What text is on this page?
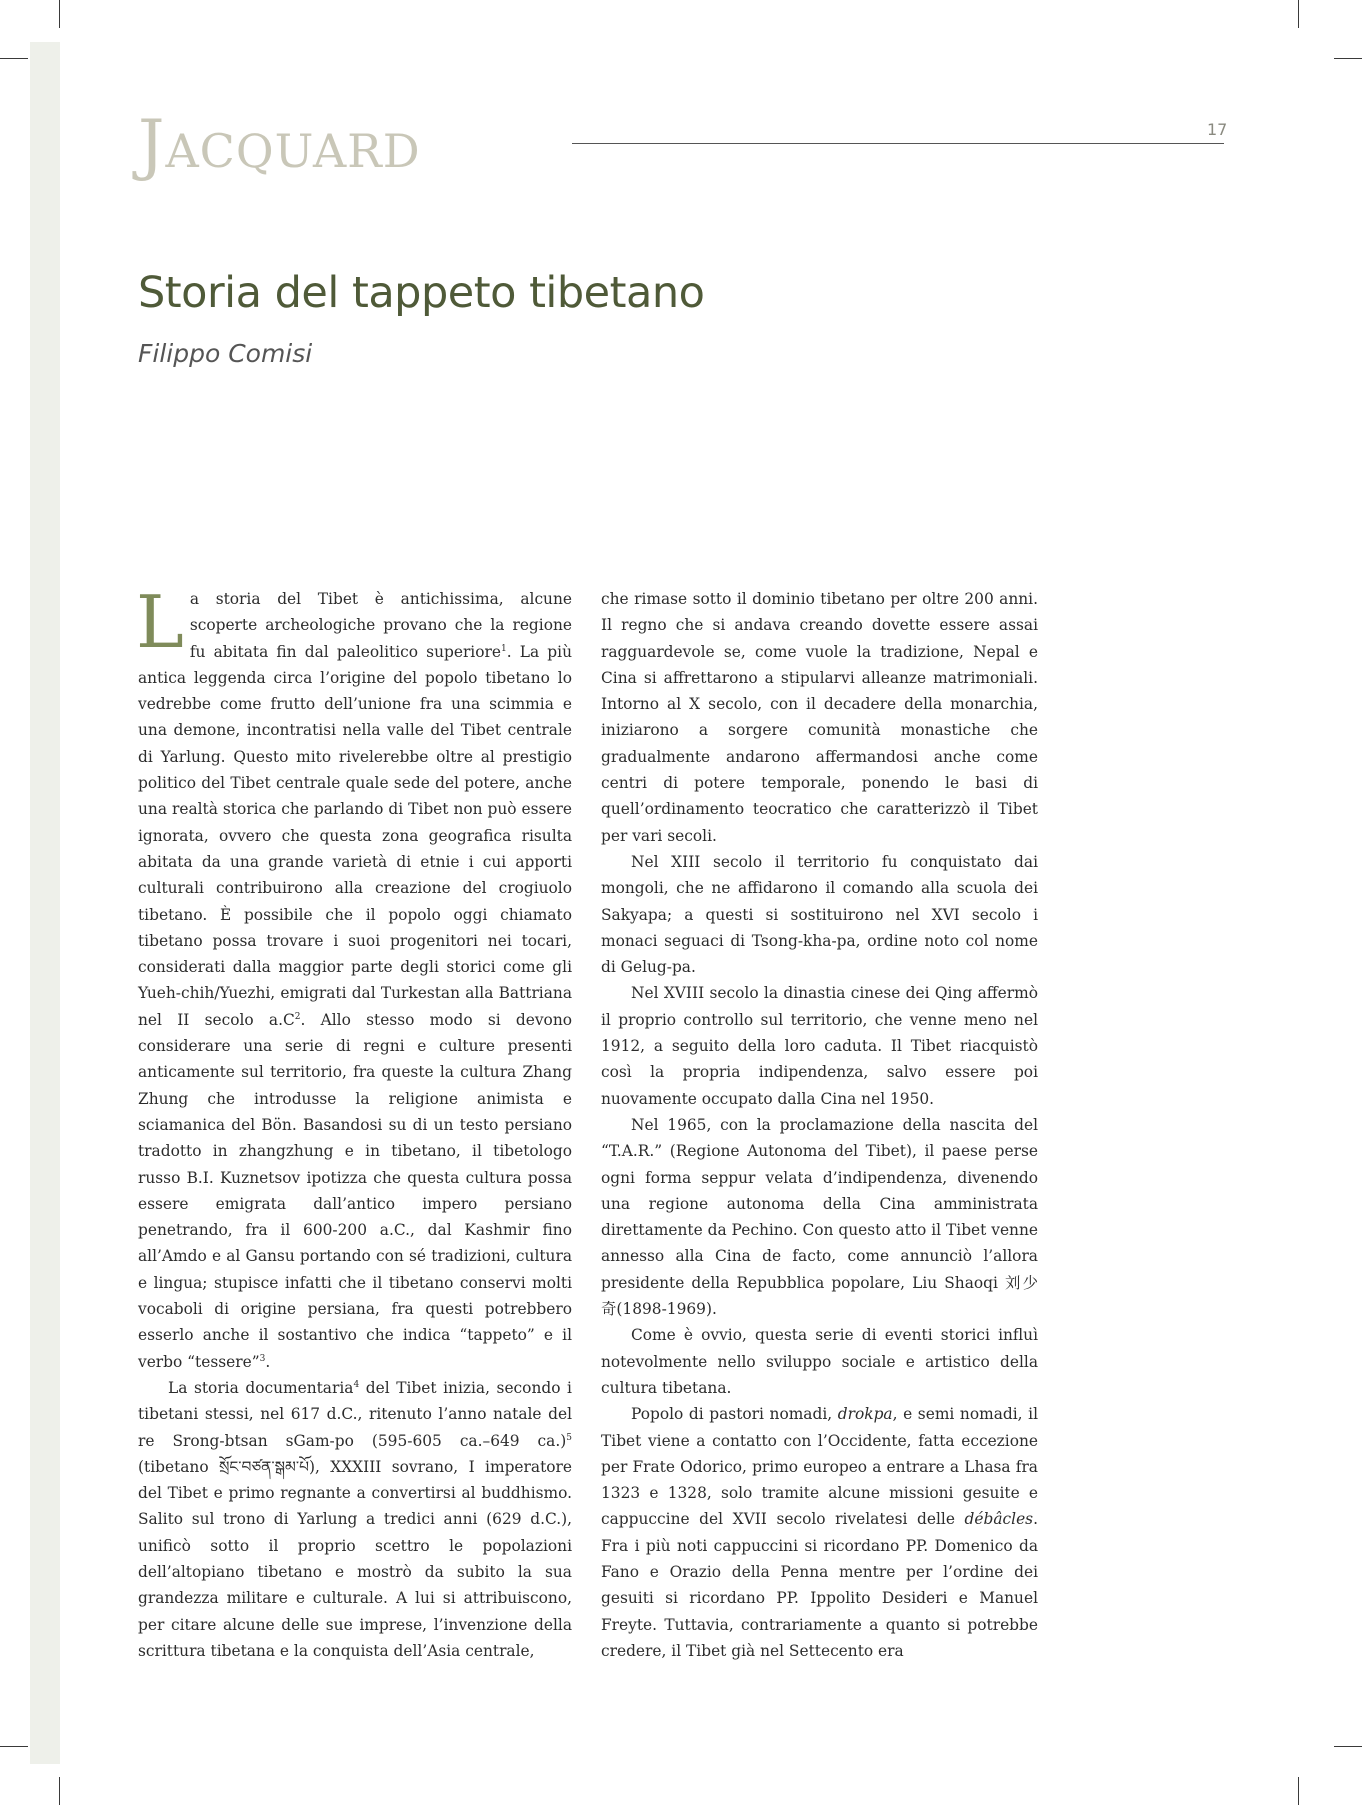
Jacquard	17
Storia del tappeto tibetano
Filippo Comisi

La storia del Tibet è antichissima, alcune scoperte archeologiche provano che la regione fu abitata fin dal paleolitico superiore$^1$. La più antica leggenda circa l’origine del popolo tibetano lo vedrebbe come frutto dell’unione fra una scimmia e una demone, incontratisi nella valle del Tibet centrale di Yarlung. Questo mito rivelerebbe oltre al prestigio politico del Tibet centrale quale sede del potere, anche una realtà storica che parlando di Tibet non può essere ignorata, ovvero che questa zona geografica risulta abitata da una grande varietà di etnie i cui apporti culturali contribuirono alla creazione del crogiuolo tibetano. È possibile che il popolo oggi chiamato tibetano possa trovare i suoi progenitori nei tocari, considerati dalla maggior parte degli storici come gli Yueh-chih/Yuezhi, emigrati dal Turkestan alla Battriana nel II secolo $a.C^2$. Allo stesso modo si devono considerare una serie di regni e culture presenti anticamente sul territorio, fra queste la cultura Zhang Zhung che introdusse la religione animista e sciamanica del Bön. Basandosi su di un testo persiano tradotto in zhangzhung e in tibetano, il tibetologo russo B.I. Kuznetsov ipotizza che questa cultura possa essere emigrata dall’antico impero persiano penetrando, fra il 600-200 a.C., dal Kashmir fino all’Amdo e al Gansu portando con sé tradizioni, cultura e lingua; stupisce infatti che il tibetano conservi molti vocaboli di origine persiana, fra questi potrebbero esserlo anche il sostantivo che indica “tappeto” e il verbo “tessere”$^3$.

La storia documentaria$^4$ del Tibet inizia, secondo i tibetani stessi, nel 617 d.C., ritenuto l’anno natale del re Srong-btsan sGam-po (595-605 ca.–649 ca.)$^5$ (tibetano སྲོང་བཙན་སྒམ་པོ), XXXIII sovrano, I imperatore del Tibet e primo regnante a convertirsi al buddhismo. Salito sul trono di Yarlung a tredici anni (629 d.C.), unificò sotto il proprio scettro le popolazioni dell’altopiano tibetano e mostrò da subito la sua grandezza militare e culturale. A lui si attribuiscono, per citare alcune delle sue imprese, l’invenzione della scrittura tibetana e la conquista dell’Asia centrale,

che rimase sotto il dominio tibetano per oltre 200 anni. Il regno che si andava creando dovette essere assai ragguardevole se, come vuole la tradizione, Nepal e Cina si affrettarono a stipularvi alleanze matrimoniali. Intorno al X secolo, con il decadere della monarchia, iniziarono a sorgere comunità monastiche che gradualmente andarono affermandosi anche come centri di potere temporale, ponendo le basi di quell’ordinamento teocratico che caratterizzò il Tibet per vari secoli.

Nel XIII secolo il territorio fu conquistato dai mongoli, che ne affidarono il comando alla scuola dei Sakyapa; a questi si sostituirono nel XVI secolo i monaci seguaci di Tsong-kha-pa, ordine noto col nome di Gelug-pa.

Nel XVIII secolo la dinastia cinese dei Qing affermò il proprio controllo sul territorio, che venne meno nel 1912, a seguito della loro caduta. Il Tibet riacquistò così la propria indipendenza, salvo essere poi nuovamente occupato dalla Cina nel 1950.

Nel 1965, con la proclamazione della nascita del “T.A.R.” (Regione Autonoma del Tibet), il paese perse ogni forma seppur velata d’indipendenza, divenendo una regione autonoma della Cina amministrata direttamente da Pechino. Con questo atto il Tibet venne annesso alla Cina de facto, come annunciò l’allora presidente della Repubblica popolare, Liu Shaoqi 刘少奇(1898-1969).

Come è ovvio, questa serie di eventi storici influì notevolmente nello sviluppo sociale e artistico della cultura tibetana.

Popolo di pastori nomadi, drokpa, e semi nomadi, il Tibet viene a contatto con l’Occidente, fatta eccezione per Frate Odorico, primo europeo a entrare a Lhasa fra 1323 e 1328, solo tramite alcune missioni gesuite e cappuccine del XVII secolo rivelatesi delle débâcles. Fra i più noti cappuccini si ricordano PP. Domenico da Fano e Orazio della Penna mentre per l’ordine dei gesuiti si ricordano PP. Ippolito Desideri e Manuel Freyte. Tuttavia, contrariamente a quanto si potrebbe credere, il Tibet già nel Settecento era
